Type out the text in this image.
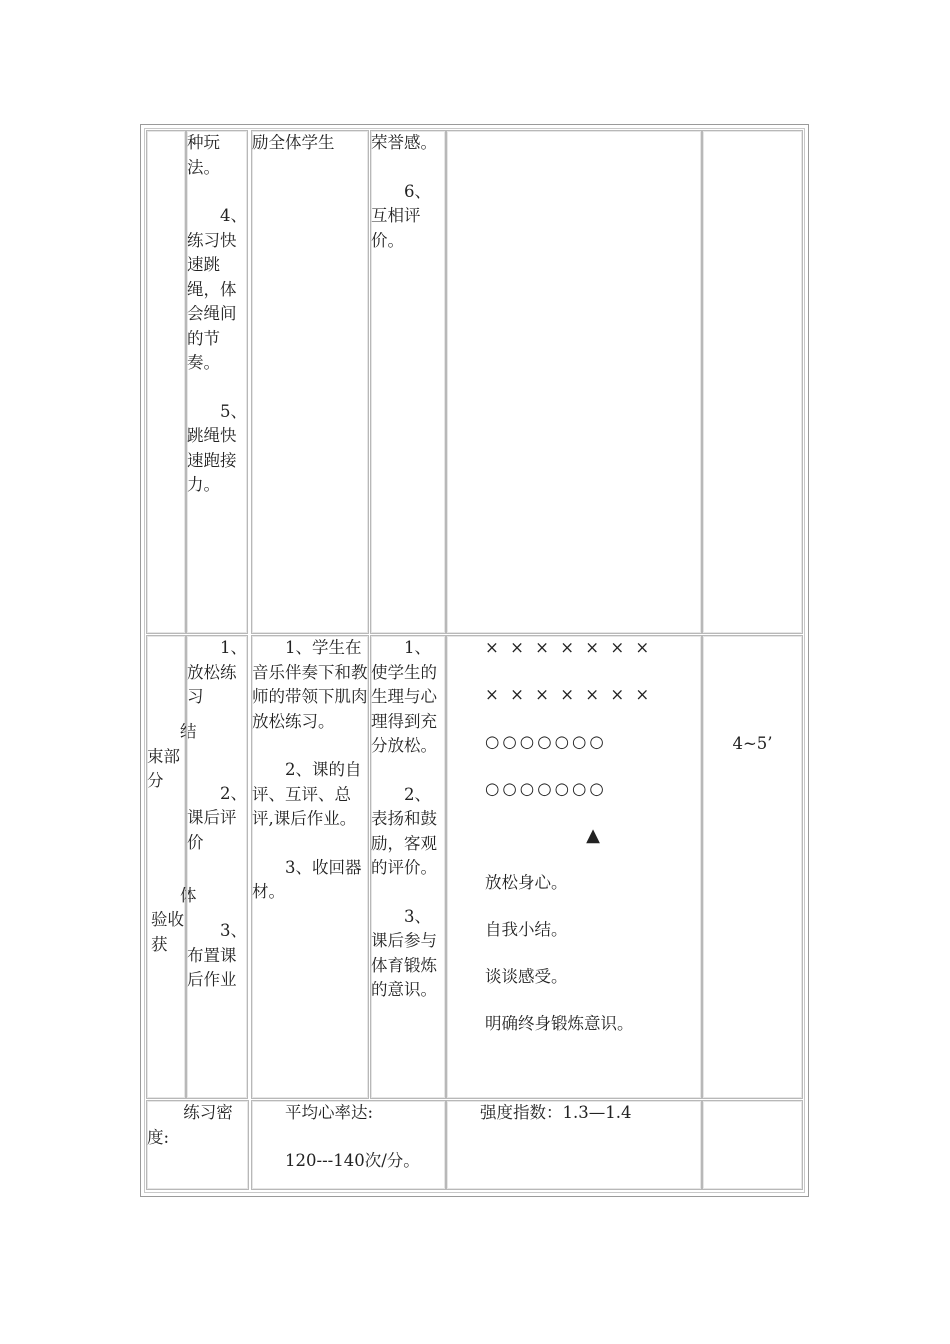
种玩法。

4、练习快速跳绳，体会绳间的节奏。

5、跳绳快速跑接力。

励全体学生	荣誉感。

6、互相评价。

结

束部分

体

验收获

1、放松练习

2、课后评价

3、布置课后作业

1、学生在音乐伴奏下和教师的带领下肌肉放松练习。

2、课的自评、互评、总评,课后作业。

3、收回器材。

1、使学生的生理与心理得到充分放松。

2、表扬和鼓励，客观的评价。

3、课后参与体育锻炼的意识。

× × × × × × ×

× × × × × × ×

○○○○○○○

○○○○○○○

▲

放松身心。

自我小结。

谈谈感受。

明确终身锻炼意识。

4~5’

练习密度:

平均心率达:

120---140次/分。

强度指数：1.3—1.4
